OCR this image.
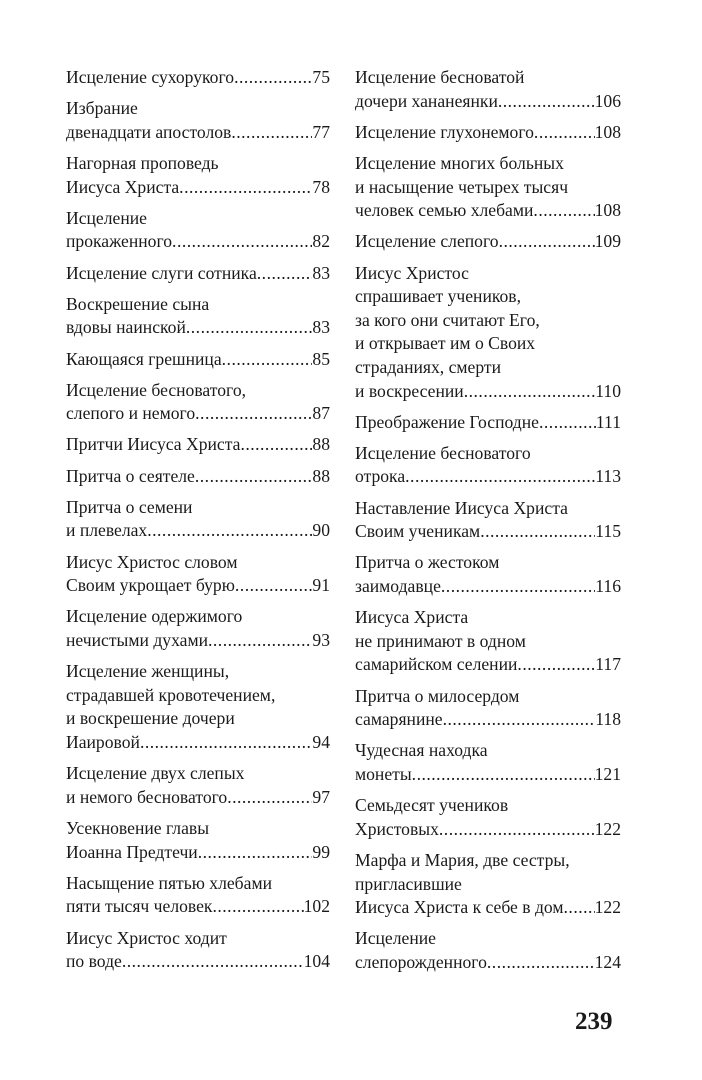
Исцеление сухорукого .....	75
Избрание
двенадцати апостолов .....	77
Нагорная проповедь
Иисуса Христа .....	78
Исцеление
прокаженного .....	82
Исцеление слуги сотника .....	83
Воскрешение сына
вдовы наинской .....	83
Кающаяся грешница .....	85
Исцеление бесноватого,
слепого и немого .....	87
Притчи Иисуса Христа .....	88
Притча о сеятеле .....	88
Притча о семени
и плевелах .....	90
Иисус Христос словом
Своим укрощает бурю .....	91
Исцеление одержимого
нечистыми духами .....	93
Исцеление женщины,
страдавшей кровотечением,
и воскрешение дочери
Иаировой .....	94
Исцеление двух слепых
и немого бесноватого .....	97
Усекновение главы
Иоанна Предтечи .....	99
Насыщение пятью хлебами
пяти тысяч человек .....	102
Иисус Христос ходит
по воде .....	104
Исцеление бесноватой
дочери хананеянки .....	106
Исцеление глухонемого .....	108
Исцеление многих больных
и насыщение четырех тысяч
человек семью хлебами .....	108
Исцеление слепого .....	109
Иисус Христос
спрашивает учеников,
за кого они считают Его,
и открывает им о Своих
страданиях, смерти
и воскресении .....	110
Преображение Господне .....	111
Исцеление бесноватого
отрока .....	113
Наставление Иисуса Христа
Своим ученикам .....	115
Притча о жестоком
заимодавце .....	116
Иисуса Христа
не принимают в одном
самарийском селении .....	117
Притча о милосердом
самарянине .....	118
Чудесная находка
монеты .....	121
Семьдесят учеников
Христовых .....	122
Марфа и Мария, две сестры,
пригласившие
Иисуса Христа к себе в дом ..... 122
Исцеление
слепорожденного .....	124
239
